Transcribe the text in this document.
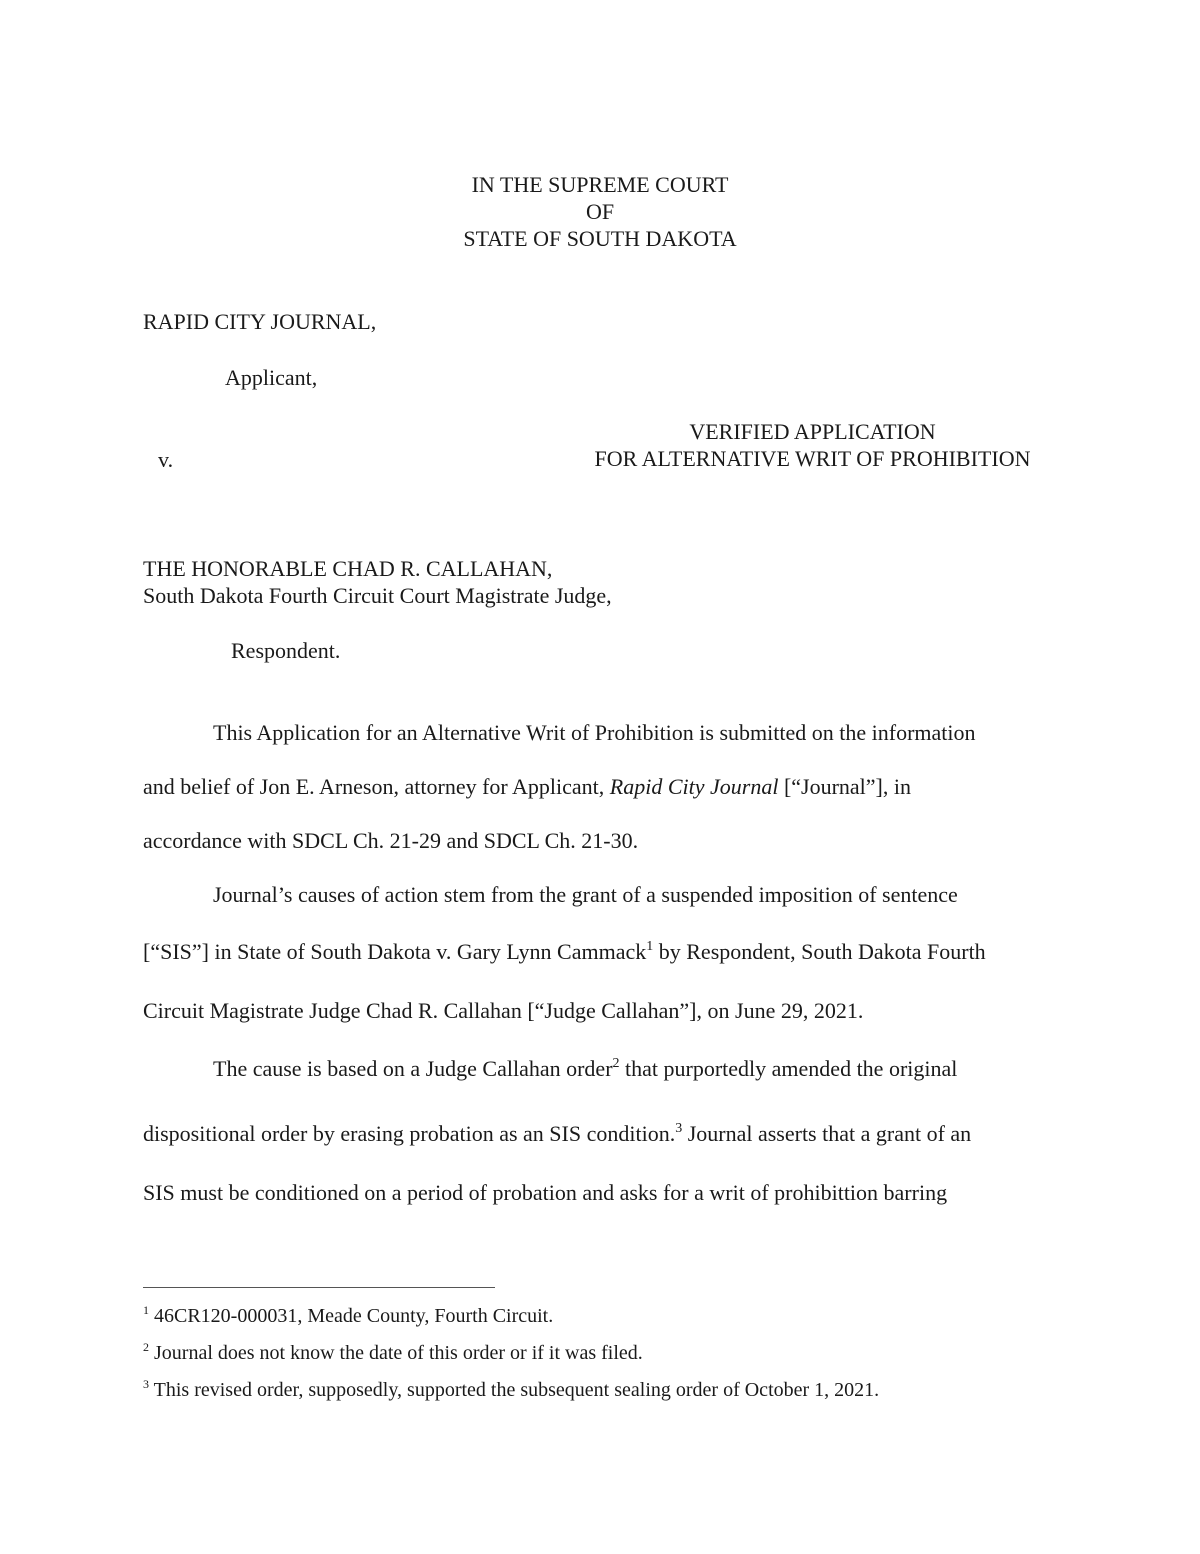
IN THE SUPREME COURT
OF
STATE OF SOUTH DAKOTA
RAPID CITY JOURNAL,
Applicant,
v.
VERIFIED APPLICATION
FOR ALTERNATIVE WRIT OF PROHIBITION
THE HONORABLE CHAD R. CALLAHAN,
South Dakota Fourth Circuit Court Magistrate Judge,
Respondent.
This Application for an Alternative Writ of Prohibition is submitted on the information
and belief of Jon E. Arneson, attorney for Applicant, Rapid City Journal [“Journal”], in
accordance with SDCL Ch. 21-29 and SDCL Ch. 21-30.
Journal’s causes of action stem from the grant of a suspended imposition of sentence
[“SIS”] in State of South Dakota v. Gary Lynn Cammack$^1$ by Respondent, South Dakota Fourth
Circuit Magistrate Judge Chad R. Callahan [“Judge Callahan”], on June 29, 2021.
The cause is based on a Judge Callahan order$^2$ that purportedly amended the original
dispositional order by erasing probation as an SIS condition.$^3$ Journal asserts that a grant of an
SIS must be conditioned on a period of probation and asks for a writ of prohibittion barring
$^1$ 46CR120-000031, Meade County, Fourth Circuit.
$^2$ Journal does not know the date of this order or if it was filed.
$^3$ This revised order, supposedly, supported the subsequent sealing order of October 1, 2021.
